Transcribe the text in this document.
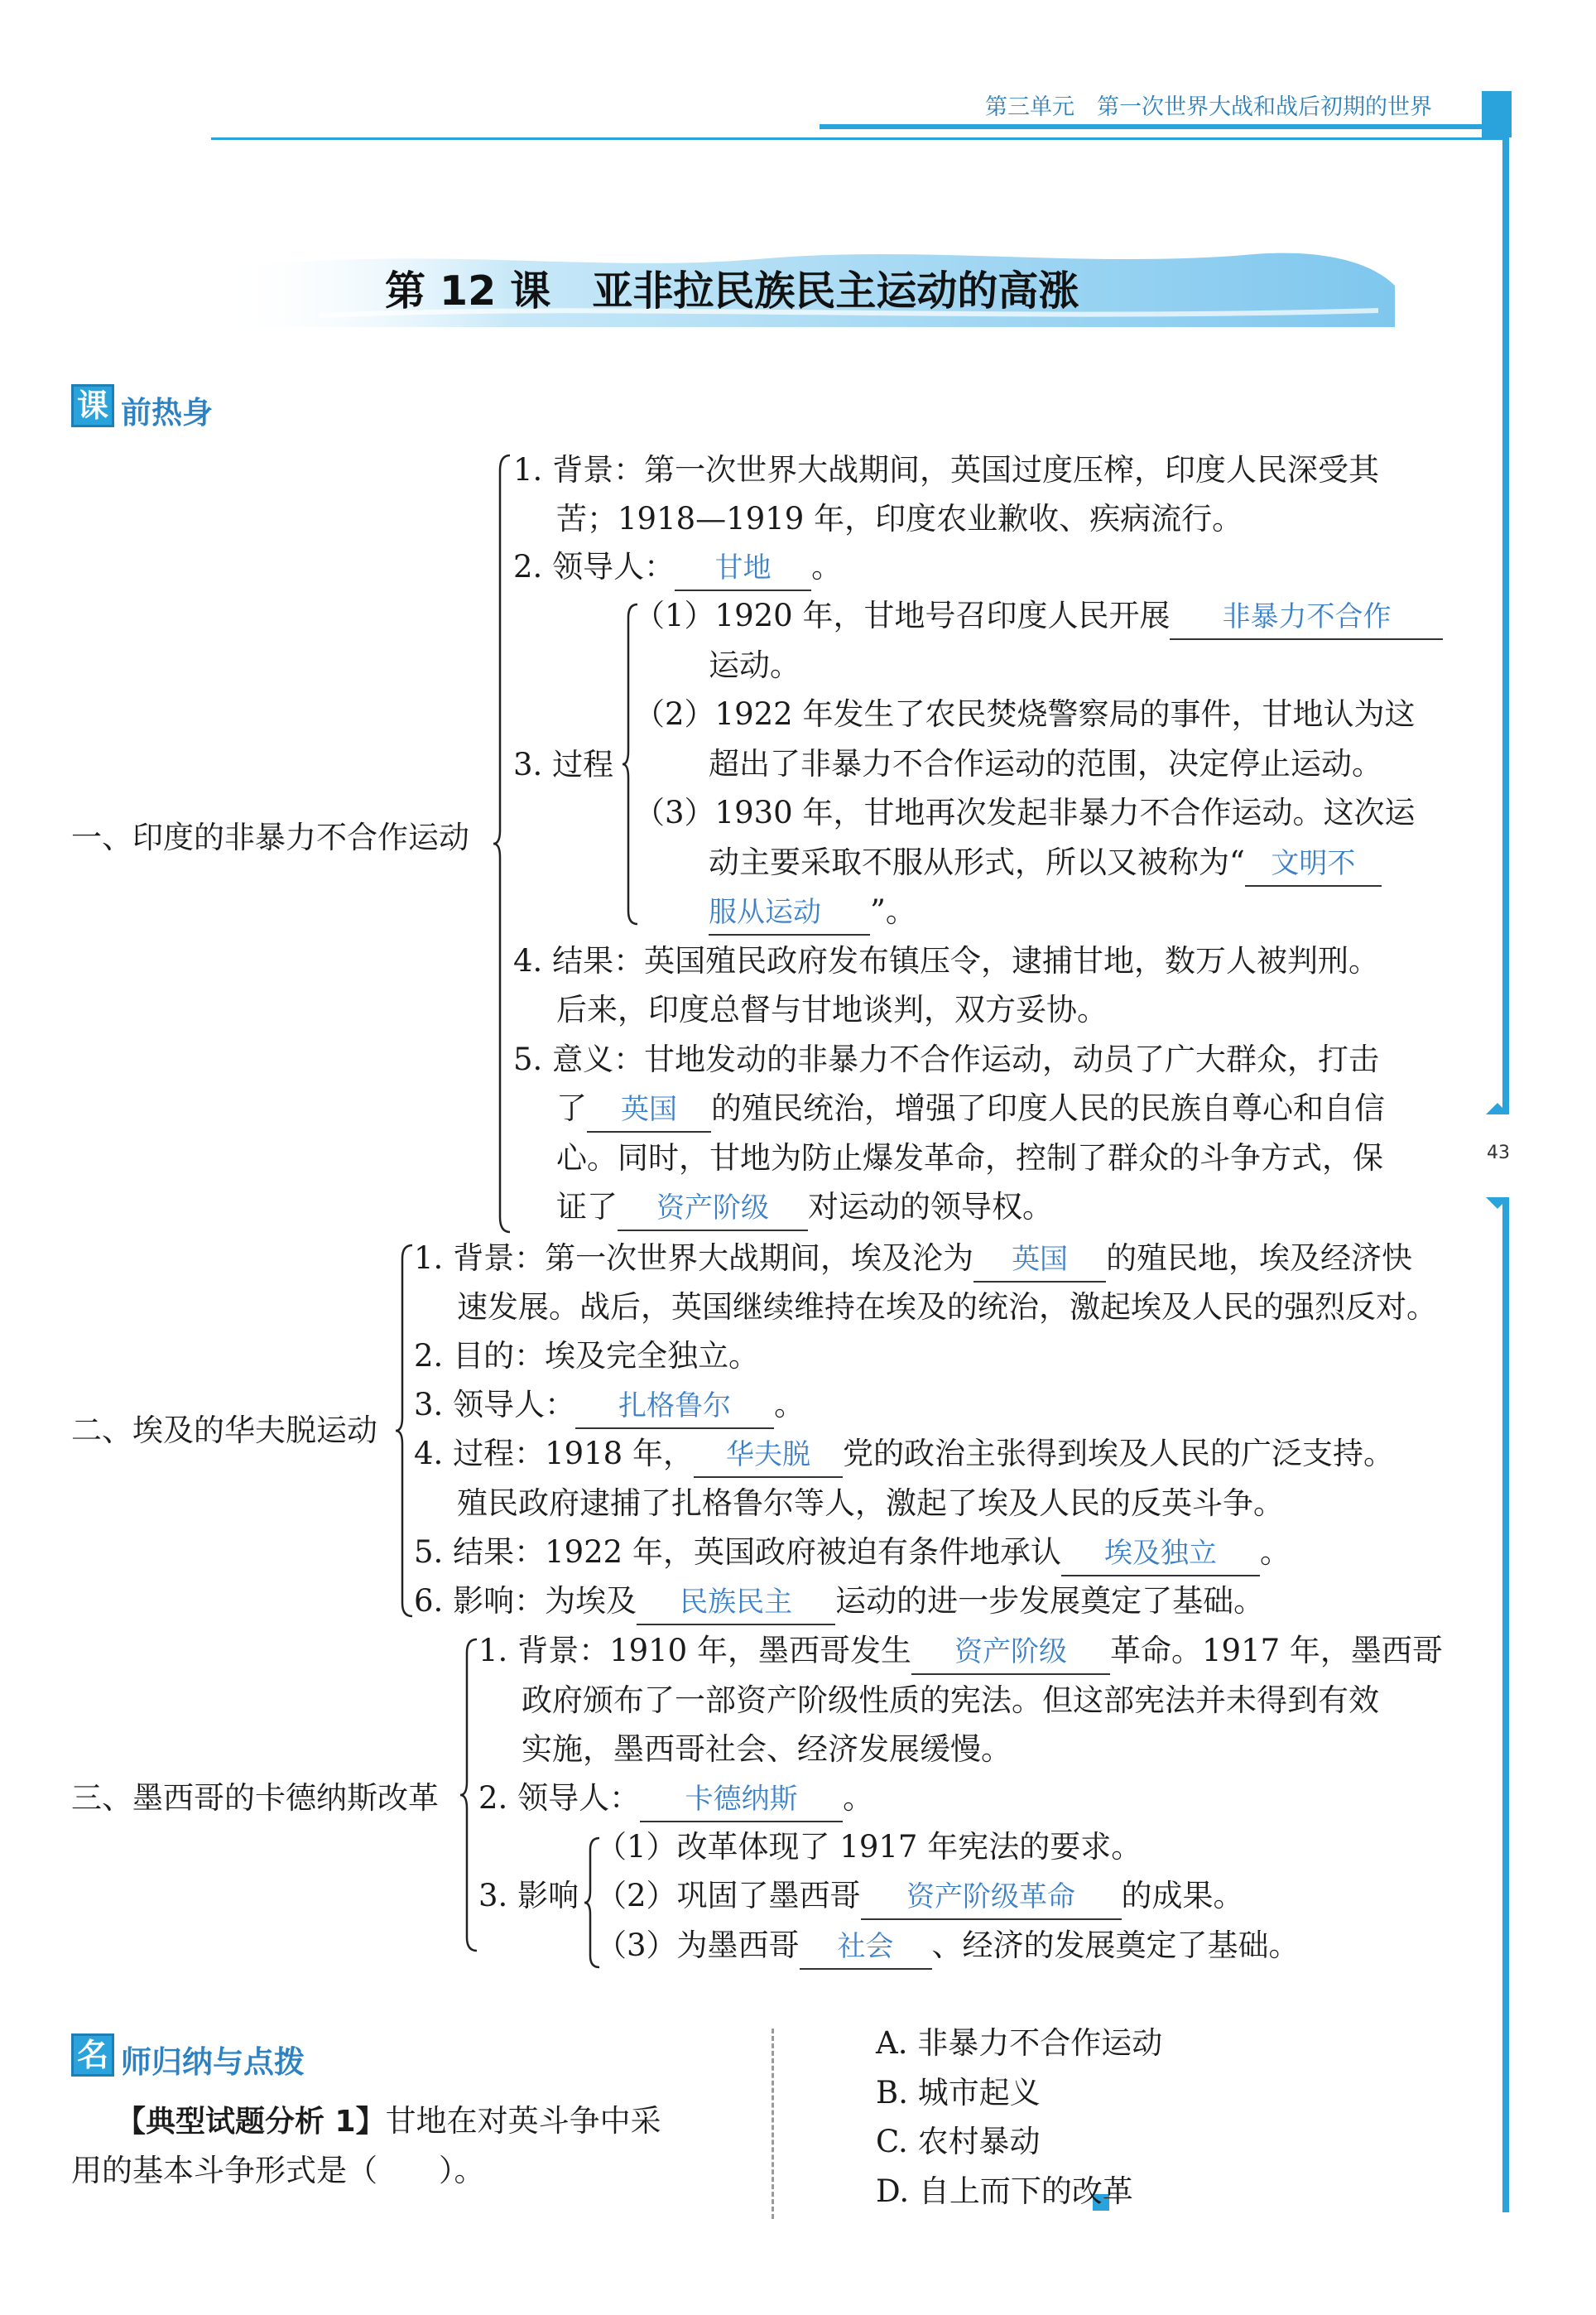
第三单元　第一次世界大战和战后初期的世界
43
第 12 课 亚非拉民族民主运动的高涨
课 前热身
一、印度的非暴力不合作运动
1. 背景：第一次世界大战期间，英国过度压榨，印度人民深受其
苦；1918—1919 年，印度农业歉收、疾病流行。
2. 领导人： 甘地 。
3. 过程
（1）1920 年，甘地号召印度人民开展 非暴力不合作
运动。
（2）1922 年发生了农民焚烧警察局的事件，甘地认为这
超出了非暴力不合作运动的范围，决定停止运动。
（3）1930 年，甘地再次发起非暴力不合作运动。这次运
动主要采取不服从形式，所以又被称为“ 文明不
服从运动 ”。
4. 结果：英国殖民政府发布镇压令，逮捕甘地，数万人被判刑。
后来，印度总督与甘地谈判，双方妥协。
5. 意义：甘地发动的非暴力不合作运动，动员了广大群众，打击
了 英国 的殖民统治，增强了印度人民的民族自尊心和自信
心。同时，甘地为防止爆发革命，控制了群众的斗争方式，保
证了 资产阶级 对运动的领导权。
二、埃及的华夫脱运动
1. 背景：第一次世界大战期间，埃及沦为 英国 的殖民地，埃及经济快
速发展。战后，英国继续维持在埃及的统治，激起埃及人民的强烈反对。
2. 目的：埃及完全独立。
3. 领导人： 扎格鲁尔 。
4. 过程：1918 年， 华夫脱 党的政治主张得到埃及人民的广泛支持。
殖民政府逮捕了扎格鲁尔等人，激起了埃及人民的反英斗争。
5. 结果：1922 年，英国政府被迫有条件地承认 埃及独立 。
6. 影响：为埃及 民族民主 运动的进一步发展奠定了基础。
三、墨西哥的卡德纳斯改革
1. 背景：1910 年，墨西哥发生 资产阶级 革命。1917 年，墨西哥
政府颁布了一部资产阶级性质的宪法。但这部宪法并未得到有效
实施，墨西哥社会、经济发展缓慢。
2. 领导人： 卡德纳斯 。
3. 影响
（1）改革体现了 1917 年宪法的要求。
（2）巩固了墨西哥 资产阶级革命 的成果。
（3）为墨西哥 社会 、经济的发展奠定了基础。
名 师归纳与点拨
【典型试题分析 1】甘地在对英斗争中采
用的基本斗争形式是（　　）。
A. 非暴力不合作运动
B. 城市起义
C. 农村暴动
D. 自上而下的改革
